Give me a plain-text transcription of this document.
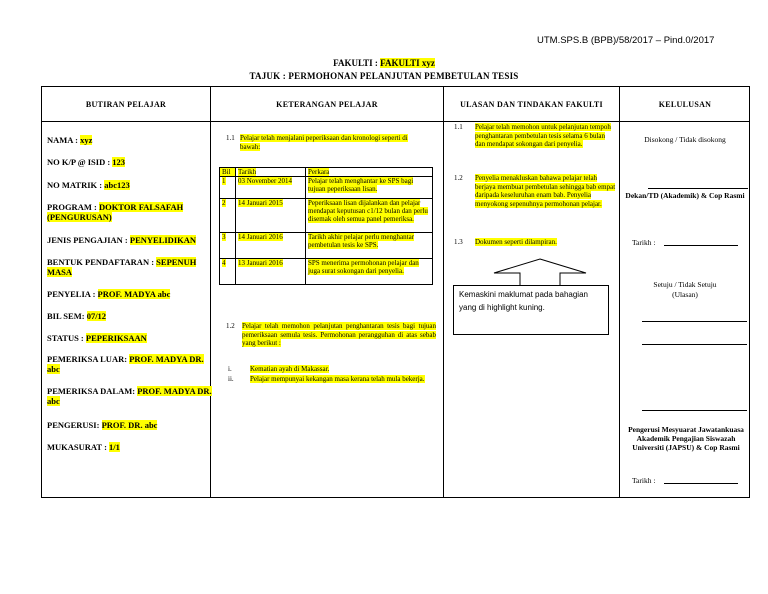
UTM.SPS.B (BPB)/58/2017 – Pind.0/2017
FAKULTI : FAKULTI xyz
TAJUK : PERMOHONAN PELANJUTAN PEMBETULAN TESIS
BUTIRAN PELAJAR	KETERANGAN PELAJAR	ULASAN DAN TINDAKAN FAKULTI	KELULUSAN
NAMA : xyz
NO K/P @ ISID : 123
NO MATRIK : abc123
PROGRAM : DOKTOR FALSAFAH (PENGURUSAN)
JENIS PENGAJIAN : PENYELIDIKAN
BENTUK PENDAFTARAN : SEPENUH MASA
PENYELIA : PROF. MADYA abc
BIL SEM: 07/12
STATUS : PEPERIKSAAN
PEMERIKSA LUAR: PROF. MADYA DR. abc
PEMERIKSA DALAM: PROF. MADYA DR. abc
PENGERUSI: PROF. DR. abc
MUKASURAT : 1/1
1.1 Pelajar telah menjalani peperiksaan dan kronologi seperti di bawah:
Bil	Tarikh	Perkara
1	03 November 2014	Pelajar telah menghantar ke SPS bagi tujuan peperiksaan lisan.
2	14 Januari 2015	Peperiksaan lisan dijalankan dan pelajar mendapat keputusan c1/12 bulan dan perlu disemak oleh semua panel pemeriksa.
3	14 Januari 2016	Tarikh akhir pelajar perlu menghantar pembetulan tesis ke SPS.
4	13 Januari 2016	SPS menerima permohonan pelajar dan juga surat sokongan dari penyelia.
1.2 Pelajar telah memohon pelanjutan penghantaran tesis bagi tujuan pemeriksaan semula tesis. Permohonan perangguhan di atas sebab yang berikut :
i.	Kematian ayah di Makassar.
ii. Pelajar mempunyai kekangan masa kerana telah mula bekerja.
1.1 Pelajar telah memohon untuk pelanjutan tempoh penghantaran pembetulan tesis selama 6 bulan dan mendapat sokongan dari penyelia.
1.2 Penyelia menakluskan bahawa pelajar telah berjaya membuat pembetulan sehingga bab empat daripada keseluruhan enam bab. Penyelia menyokong sepenuhnya permohonan pelajar.
1.3 Dokumen seperti dilampiran.
Kemaskini maklumat pada bahagian yang di highlight kuning.
Disokong / Tidak disokong
Dekan/TD (Akademik) & Cop Rasmi
Tarikh :
Setuju / Tidak Setuju
(Ulasan)
Pengerusi Mesyuarat Jawatankuasa Akademik Pengajian Siswazah Universiti (JAPSU) & Cop Rasmi
Tarikh :
